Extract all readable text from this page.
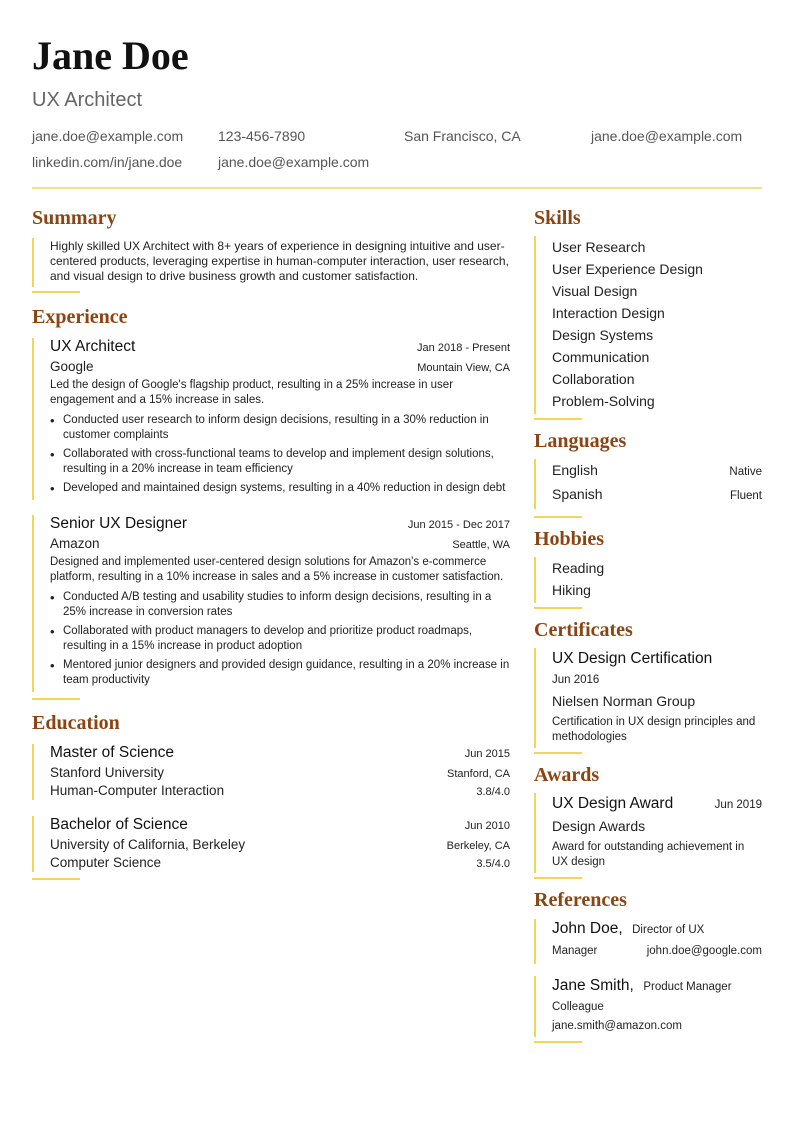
Jane Doe
UX Architect
jane.doe@example.com 123-456-7890	San Francisco, CA	jane.doe@example.com
linkedin.com/in/jane.doe	jane.doe@example.com
Summary

Highly skilled UX Architect with 8+ years of experience in designing intuitive and user-centered products, leveraging expertise in human-computer interaction, user research, and visual design to drive business growth and customer satisfaction.

Experience
UX Architect	Jan 2018 - Present
Google	Mountain View, CA

Led the design of Google's flagship product, resulting in a 25% increase in user engagement and a 15% increase in sales.

• Conducted user research to inform design decisions, resulting in a 30% reduction in customer complaints
• Collaborated with cross-functional teams to develop and implement design solutions, resulting in a 20% increase in team efficiency
• Developed and maintained design systems, resulting in a 40% reduction in design debt
Senior UX Designer	Jun 2015 - Dec 2017
Amazon	Seattle, WA

Designed and implemented user-centered design solutions for Amazon's e-commerce platform, resulting in a 10% increase in sales and a 5% increase in customer satisfaction.

• Conducted A/B testing and usability studies to inform design decisions, resulting in a 25% increase in conversion rates
• Collaborated with product managers to develop and prioritize product roadmaps, resulting in a 15% increase in product adoption
• Mentored junior designers and provided design guidance, resulting in a 20% increase in team productivity
Education
Master of Science	Jun 2015
Stanford University	Stanford, CA
Human-Computer Interaction	3.8/4.0
Bachelor of Science	Jun 2010
University of California, Berkeley	Berkeley, CA
Computer Science	3.5/4.0
Skills
User Research
User Experience Design
Visual Design
Interaction Design
Design Systems
Communication
Collaboration
Problem-Solving
Languages
English	Native
Spanish	Fluent
Hobbies
Reading
Hiking
Certificates
UX Design Certification
Jun 2016
Nielsen Norman Group
Certification in UX design principles and methodologies
Awards
UX Design Award	Jun 2019
Design Awards
Award for outstanding achievement in UX design
References
John Doe, Director of UX
Manager	john.doe@google.com
Jane Smith, Product Manager
Colleague
jane.smith@amazon.com
